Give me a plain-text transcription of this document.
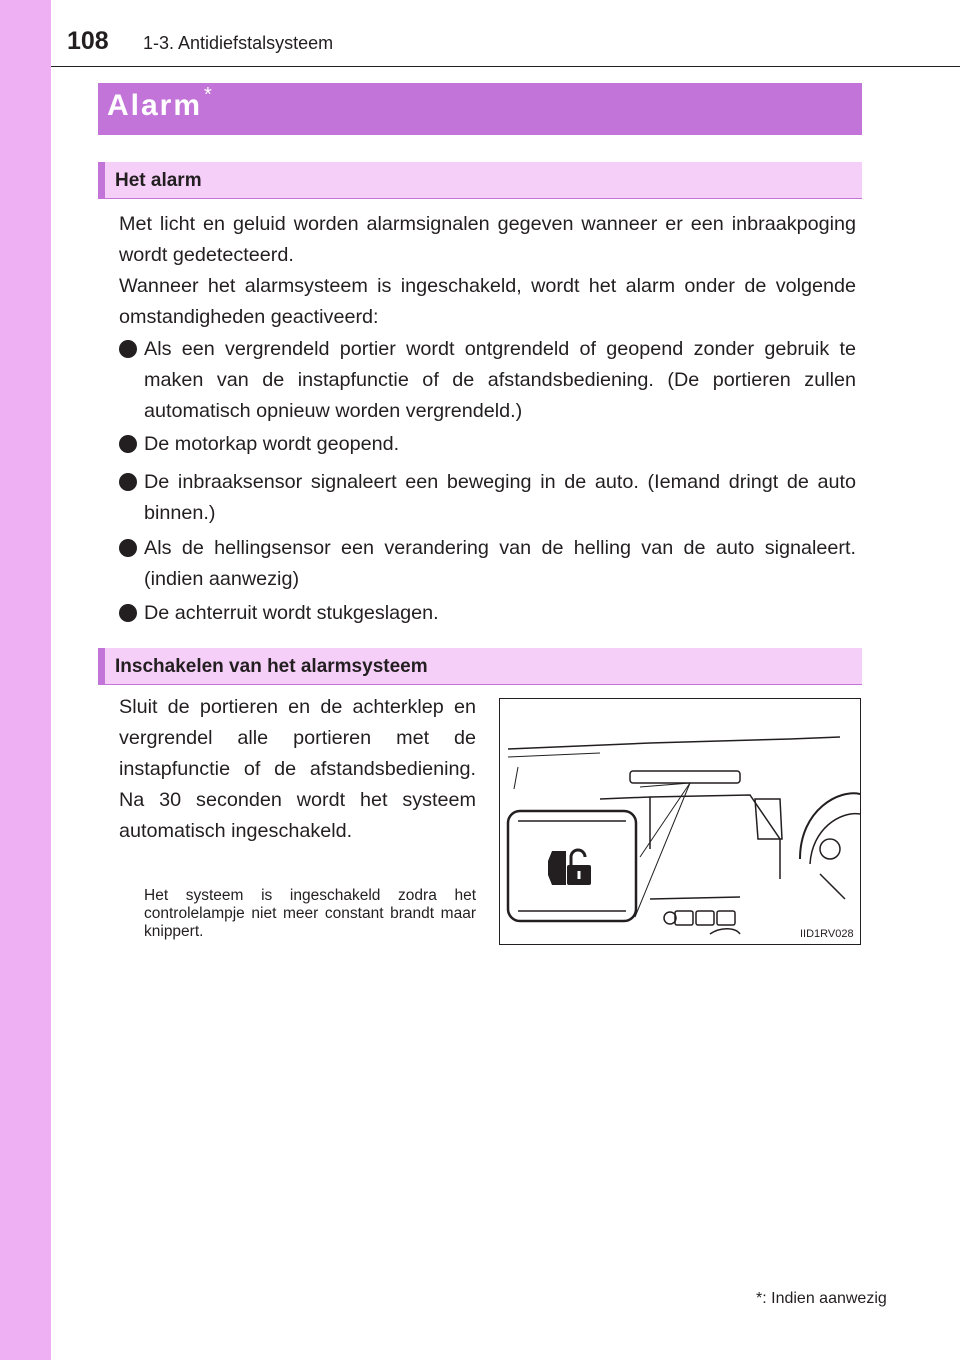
108 1-3. Antidiefstalsysteem
Alarm *
Het alarm
Met licht en geluid worden alarmsignalen gegeven wanneer er een inbraakpoging wordt gedetecteerd.
Wanneer het alarmsysteem is ingeschakeld, wordt het alarm onder de volgende omstandigheden geactiveerd:
Als een vergrendeld portier wordt ontgrendeld of geopend zonder gebruik te maken van de instapfunctie of de afstandsbediening. (De portieren zullen automatisch opnieuw worden vergrendeld.)
De motorkap wordt geopend.
De inbraaksensor signaleert een beweging in de auto. (Iemand dringt de auto binnen.)
Als de hellingsensor een verandering van de helling van de auto signaleert. (indien aanwezig)
De achterruit wordt stukgeslagen.
Inschakelen van het alarmsysteem
Sluit de portieren en de achterklep en vergrendel alle portieren met de instapfunctie of de afstandsbediening. Na 30 seconden wordt het systeem automatisch ingeschakeld.
Het systeem is ingeschakeld zodra het controlelampje niet meer constant brandt maar knippert.	IID1RV028
*: Indien aanwezig
